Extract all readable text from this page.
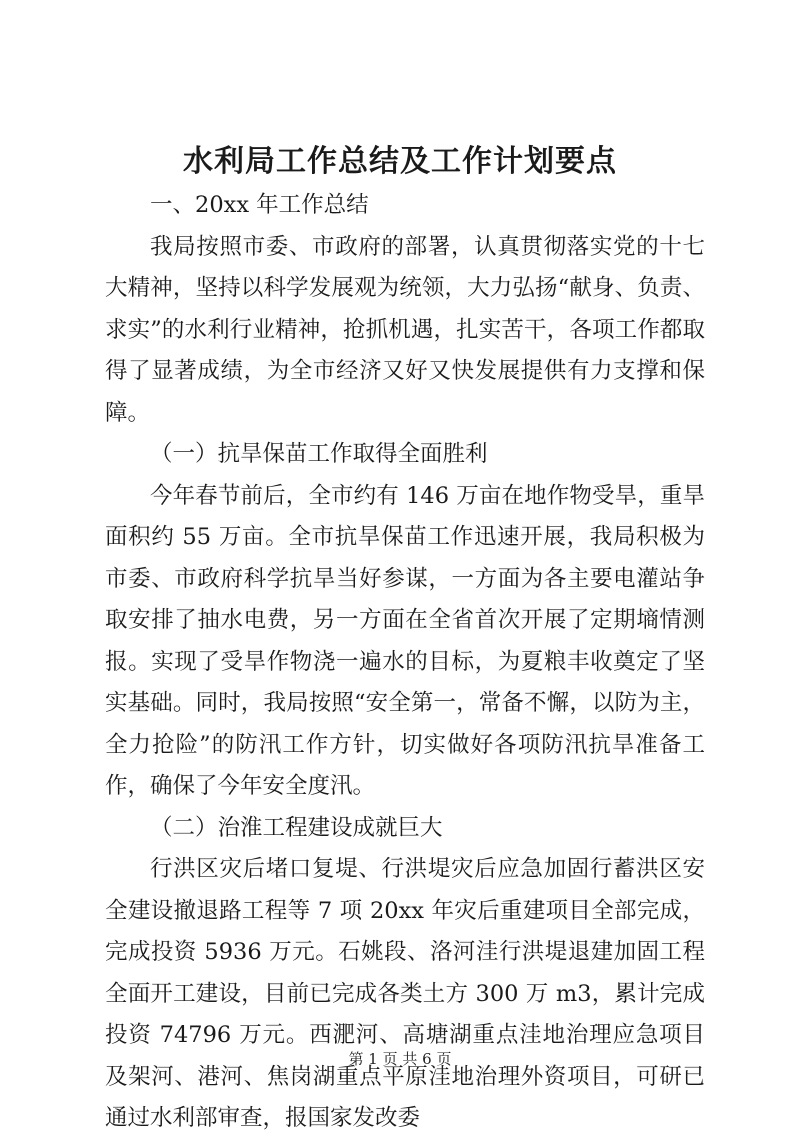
水利局工作总结及工作计划要点

一、20xx 年工作总结

我局按照市委、市政府的部署，认真贯彻落实党的十七大精神，坚持以科学发展观为统领，大力弘扬“献身、负责、求实”的水利行业精神，抢抓机遇，扎实苦干，各项工作都取得了显著成绩，为全市经济又好又快发展提供有力支撑和保障。

（一）抗旱保苗工作取得全面胜利

今年春节前后，全市约有 146 万亩在地作物受旱，重旱面积约 55 万亩。全市抗旱保苗工作迅速开展，我局积极为市委、市政府科学抗旱当好参谋，一方面为各主要电灌站争取安排了抽水电费，另一方面在全省首次开展了定期墒情测报。实现了受旱作物浇一遍水的目标，为夏粮丰收奠定了坚实基础。同时，我局按照“安全第一，常备不懈，以防为主，全力抢险”的防汛工作方针，切实做好各项防汛抗旱准备工作，确保了今年安全度汛。

（二）治淮工程建设成就巨大

行洪区灾后堵口复堤、行洪堤灾后应急加固行蓄洪区安全建设撤退路工程等 7 项 20xx 年灾后重建项目全部完成，完成投资 5936 万元。石姚段、洛河洼行洪堤退建加固工程全面开工建设，目前已完成各类土方 300 万 m3，累计完成投资 74796 万元。西淝河、高塘湖重点洼地治理应急项目及架河、港河、焦岗湖重点平原洼地治理外资项目，可研已通过水利部审查，报国家发改委

第 1 页 共 6 页
